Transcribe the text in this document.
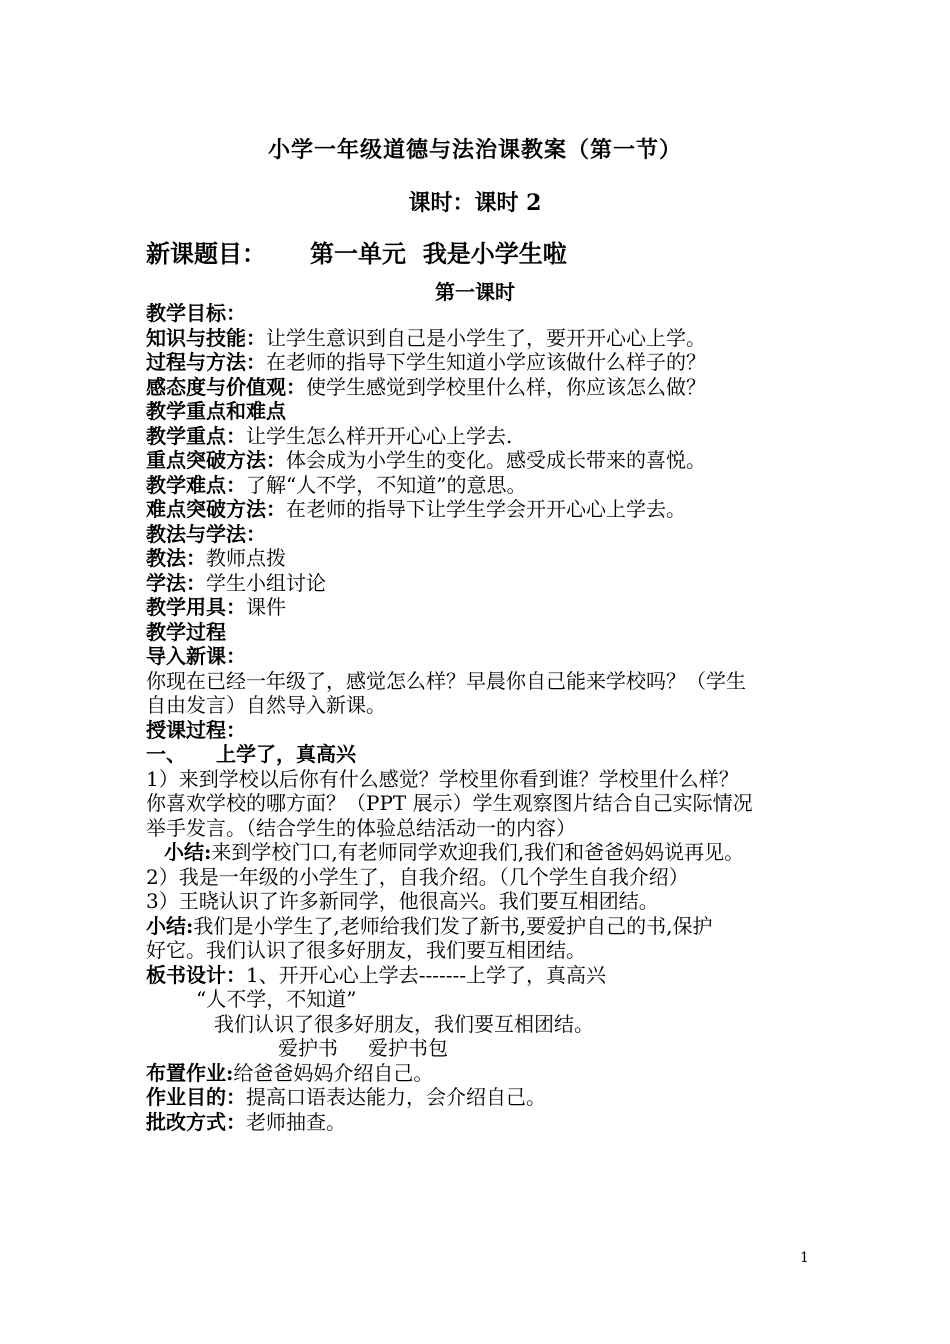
小学一年级道德与法治课教案（第一节）
课时：课时 2
新课题目： 第一单元 我是小学生啦
第一课时
教学目标：
知识与技能：让学生意识到自己是小学生了，要开开心心上学。
过程与方法：在老师的指导下学生知道小学应该做什么样子的？
感态度与价值观：使学生感觉到学校里什么样，你应该怎么做？
教学重点和难点
教学重点：让学生怎么样开开心心上学去.
重点突破方法：体会成为小学生的变化。感受成长带来的喜悦。
教学难点：了解“人不学，不知道”的意思。
难点突破方法：在老师的指导下让学生学会开开心心上学去。
教法与学法：
教法：教师点拨
学法：学生小组讨论
教学用具：课件
教学过程
导入新课：
你现在已经一年级了，感觉怎么样？早晨你自己能来学校吗？（学生
自由发言）自然导入新课。
授课过程：
一、 上学了，真高兴
1）来到学校以后你有什么感觉？学校里你看到谁？学校里什么样？
你喜欢学校的哪方面？（PPT 展示）学生观察图片结合自己实际情况
举手发言。（结合学生的体验总结活动一的内容）
小结:来到学校门口,有老师同学欢迎我们,我们和爸爸妈妈说再见。
2）我是一年级的小学生了，自我介绍。（几个学生自我介绍）
3）王晓认识了许多新同学，他很高兴。我们要互相团结。
小结:我们是小学生了,老师给我们发了新书,要爱护自己的书,保护
好它。我们认识了很多好朋友，我们要互相团结。
板书设计：1、开开心心上学去-------上学了，真高兴
“人不学，不知道”
我们认识了很多好朋友，我们要互相团结。
爱护书 爱护书包
布置作业:给爸爸妈妈介绍自己。
作业目的：提高口语表达能力，会介绍自己。
批改方式：老师抽查。
1
